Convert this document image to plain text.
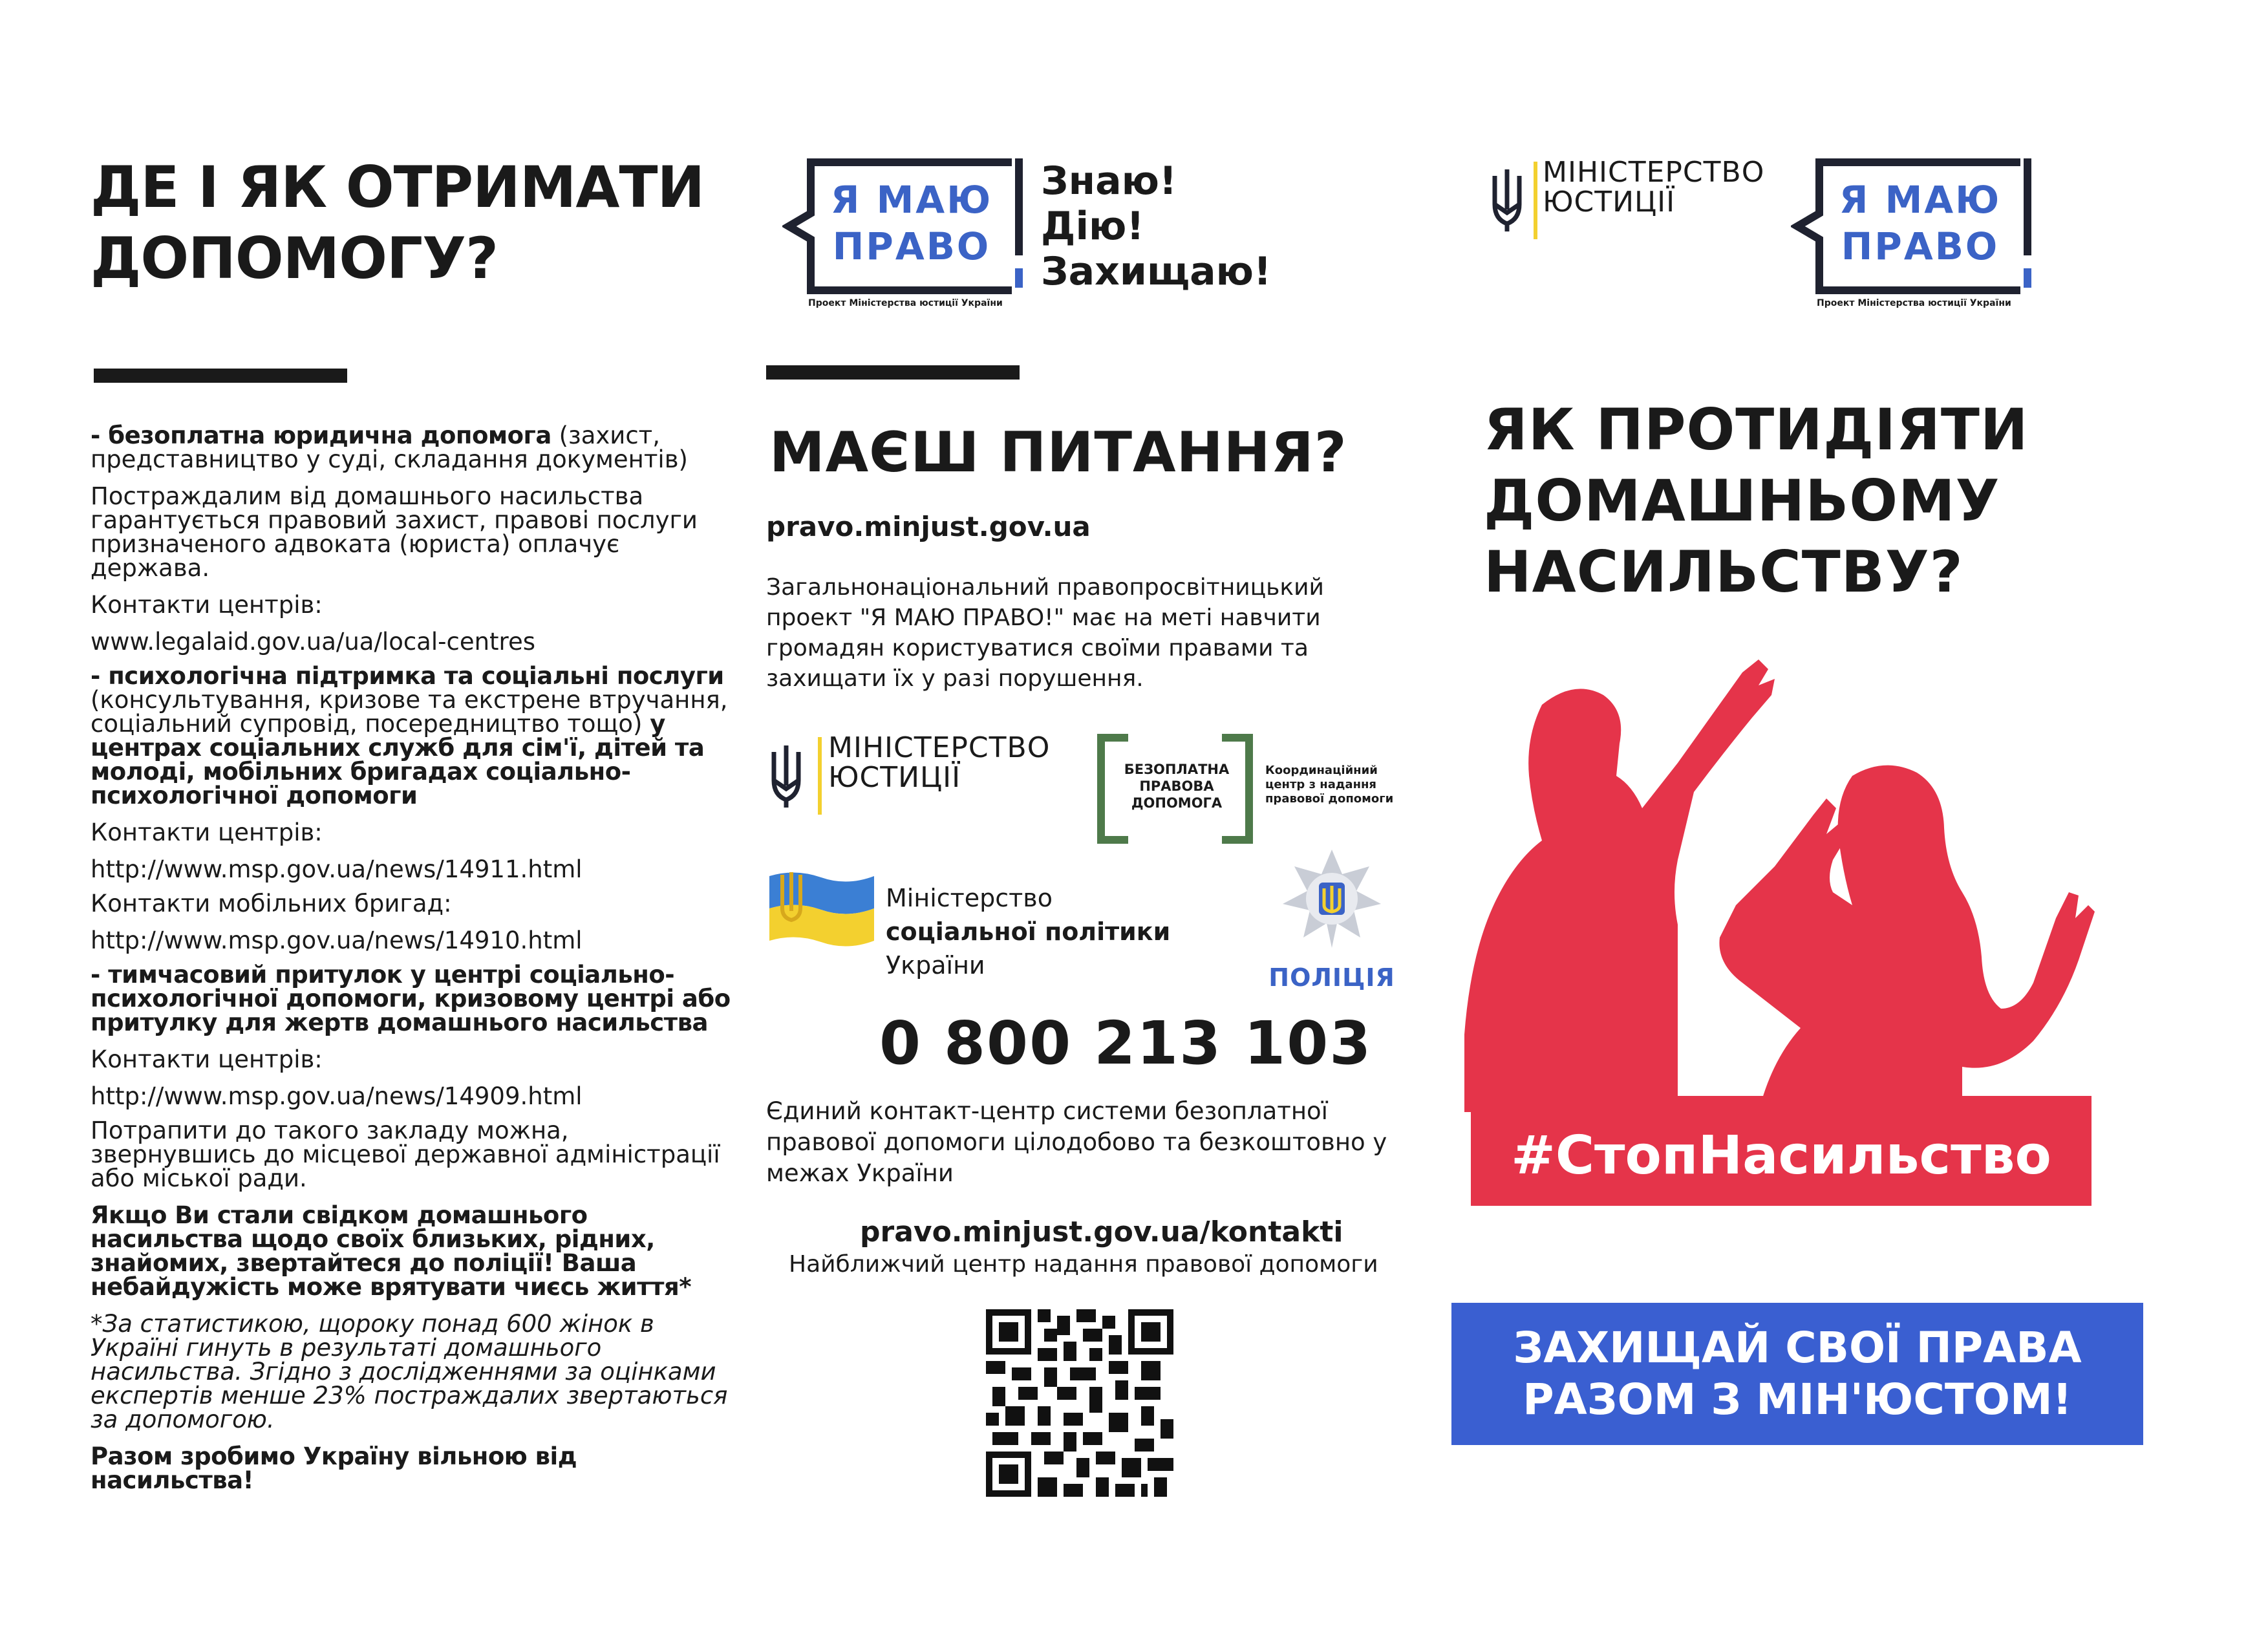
ДЕ І ЯК ОТРИМАТИ
ДОПОМОГУ?

- безоплатна юридична допомога (захист, представництво у суді, складання документів)

Постраждалим від домашнього насильства гарантується правовий захист, правові послуги призначеного адвоката (юриста) оплачує держава.

Контакти центрів:

www.legalaid.gov.ua/ua/local-centres

- психологічна підтримка та соціальні послуги (консультування, кризове та екстрене втручання, соціальний супровід, посередництво тощо) у центрах соціальних служб для сім'ї, дітей та молоді, мобільних бригадах соціально-психологічної допомоги

Контакти центрів:

http://www.msp.gov.ua/news/14911.html

Контакти мобільних бригад:

http://www.msp.gov.ua/news/14910.html

- тимчасовий притулок у центрі соціально-психологічної допомоги, кризовому центрі або притулку для жертв домашнього насильства

Контакти центрів:

http://www.msp.gov.ua/news/14909.html

Потрапити до такого закладу можна, звернувшись до місцевої державної адміністрації або міської ради.

Якщо Ви стали свідком домашнього насильства щодо своїх близьких, рідних, знайомих, звертайтеся до поліції! Ваша небайдужість може врятувати чиєсь життя*

*За статистикою, щороку понад 600 жінок в Україні гинуть в результаті домашнього насильства. Згідно з дослідженнями за оцінками експертів менше 23% постраждалих звертаються за допомогою.

Разом зробимо Україну вільною від насильства!

Я МАЮ
ПРАВО
Проект Міністерства юстиції України
Знаю!
Дію!
Захищаю!
МАЄШ ПИТАННЯ?
pravo.minjust.gov.ua
Загальнонаціональний правопросвітницький проект "Я МАЮ ПРАВО!" має на меті навчити громадян користуватися своїми правами та захищати їх у разі порушення.
МІНІСТЕРСТВО
ЮСТИЦІЇ	БЕЗОПЛАТНА
ПРАВОВА
ДОПОМОГА
Координаційний
центр з надання
правової допомоги
Міністерство
соціальної політики України	ПОЛІЦІЯ
0 800 213 103
Єдиний контакт-центр системи безоплатної правової допомоги цілодобово та безкоштовно у межах України
pravo.minjust.gov.ua/kontakti
Найближчий центр надання правової допомоги
МІНІСТЕРСТВО
ЮСТИЦІЇ	Я МАЮ
ПРАВО
Проект Міністерства юстиції України
ЯК ПРОТИДІЯТИ
ДОМАШНЬОМУ
НАСИЛЬСТВУ?
#СтопНасильство
ЗАХИЩАЙ СВОЇ ПРАВА
РАЗОМ З МІН'ЮСТОМ!
